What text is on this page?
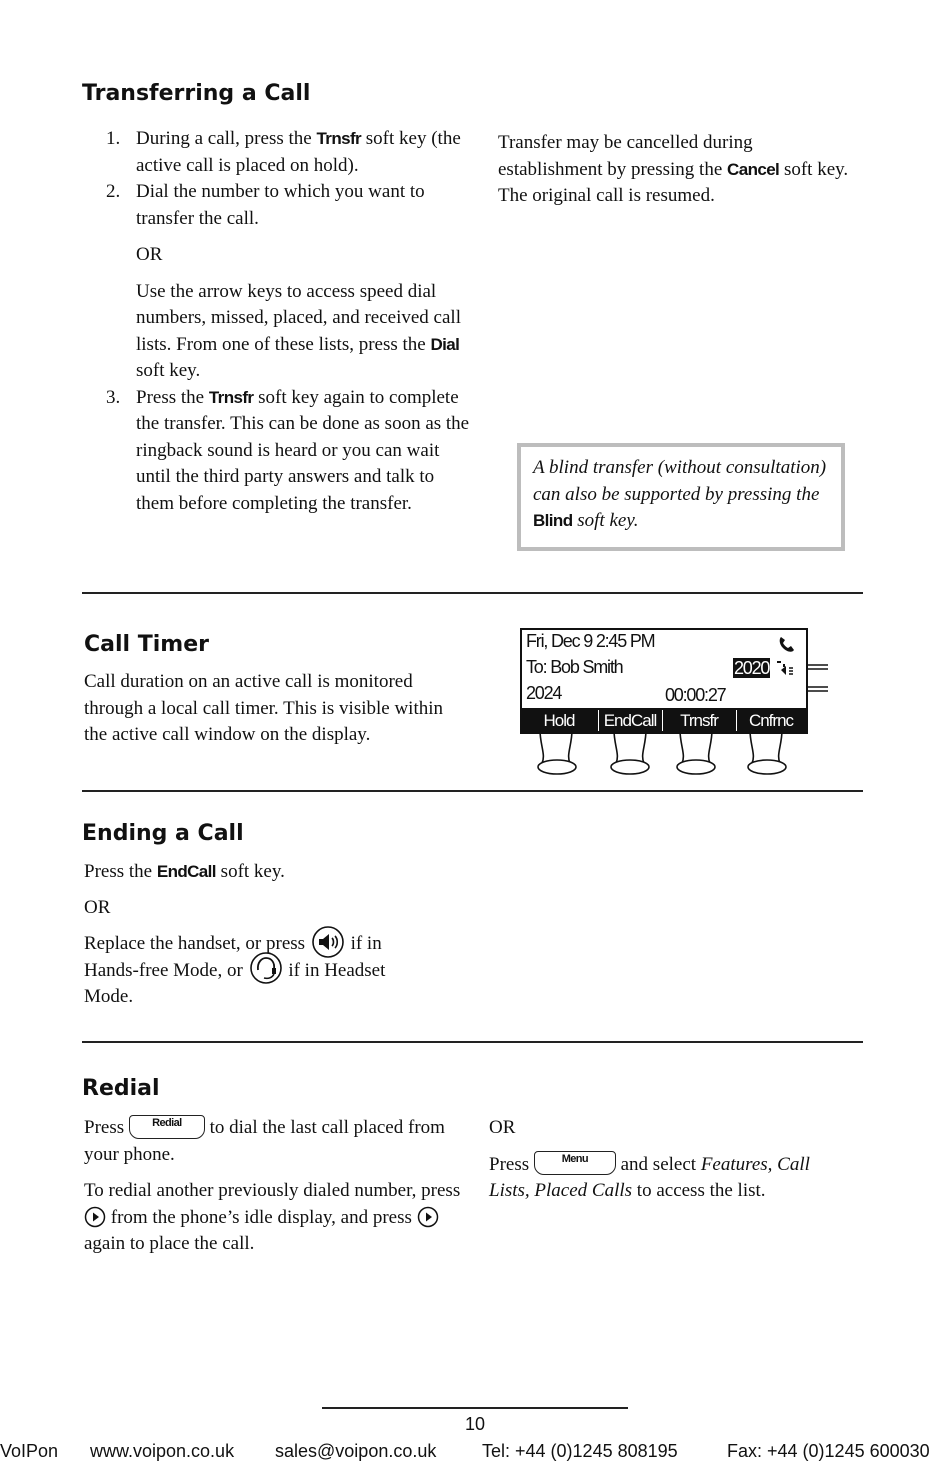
Transferring a Call
1. During a call, press the Trnsfr soft key (the active call is placed on hold).
2. Dial the number to which you want to transfer the call.

OR

Use the arrow keys to access speed dial numbers, missed, placed, and received call lists. From one of these lists, press the Dial soft key.

3. Press the Trnsfr soft key again to complete the transfer. This can be done as soon as the ringback sound is heard or you can wait until the third party answers and talk to them before completing the transfer.

Transfer may be cancelled during establishment by pressing the Cancel soft key. The original call is resumed.

A blind transfer (without consultation) can also be supported by pressing the Blind soft key.
Call Timer

Call duration on an active call is monitored through a local call timer. This is visible within the active call window on the display.

Fri, Dec 9 2:45 PM
To: Bob Smith	2020
2024	00:00:27
Hold	EndCall	Trnsfr	Cnfrnc
Ending a Call

Press the EndCall soft key.

OR

Replace the handset, or press if in
Hands-free Mode, or if in Headset
Mode.
Redial

Press	Redial	to dial the last call placed from your phone.

To redial another previously dialed number, press  from the phone’s idle display, and press  again to place the call.

OR

Press	Menu	and select Features, Call Lists, Placed Calls to access the list.

10
VoIPon www.voipon.co.uk sales@voipon.co.uk	Tel: +44 (0)1245 808195	Fax: +44 (0)1245 600030
